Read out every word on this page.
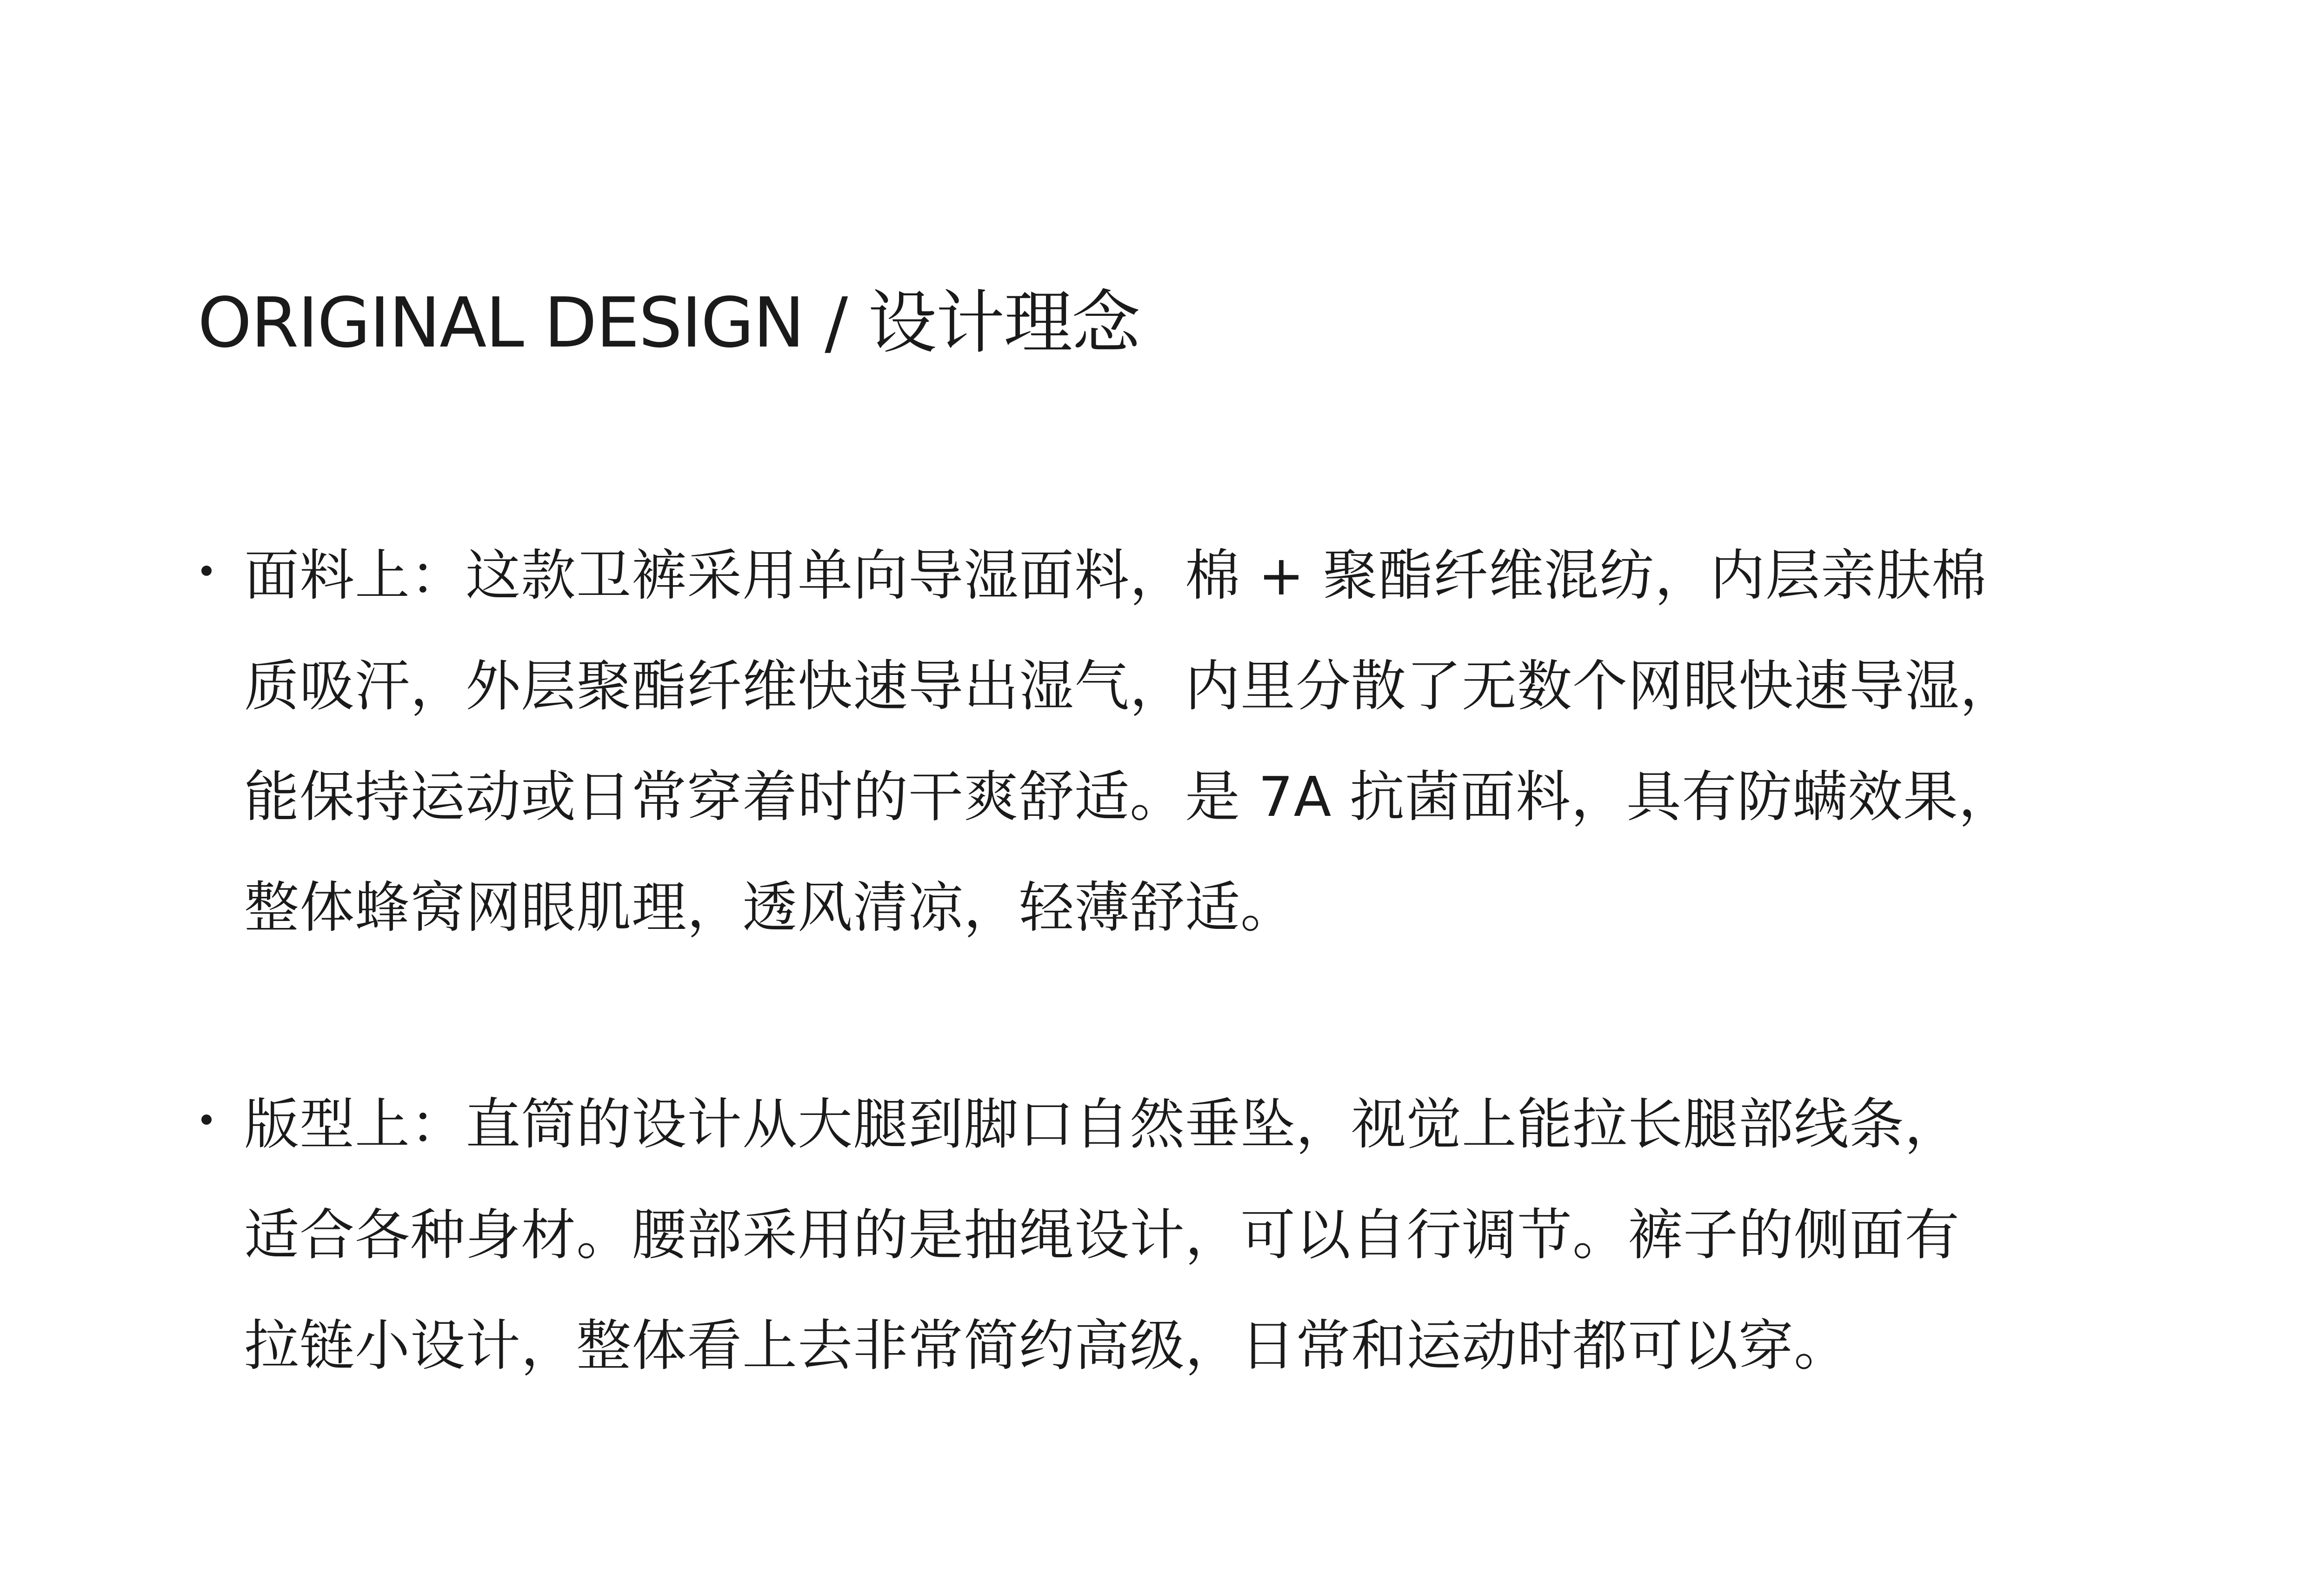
ORIGINAL DESIGN / 设计理念

面料上：这款卫裤采用单向导湿面料，棉 + 聚酯纤维混纺，内层亲肤棉
质吸汗，外层聚酯纤维快速导出湿气，内里分散了无数个网眼快速导湿，
能保持运动或日常穿着时的干爽舒适。是 7A 抗菌面料，具有防螨效果，
整体蜂窝网眼肌理，透风清凉，轻薄舒适。

版型上：直筒的设计从大腿到脚口自然垂坠，视觉上能拉长腿部线条，
适合各种身材。腰部采用的是抽绳设计，可以自行调节。裤子的侧面有
拉链小设计，整体看上去非常简约高级，日常和运动时都可以穿。
